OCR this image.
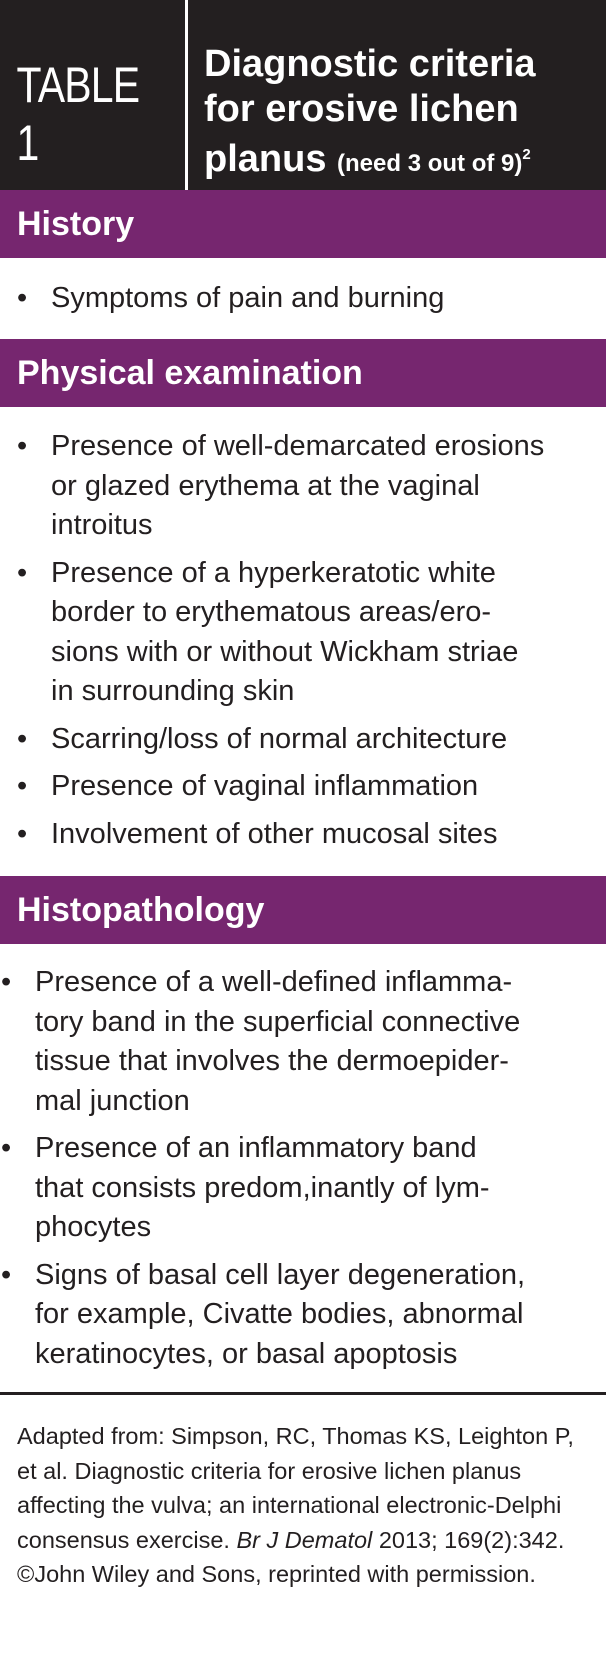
TABLE 1
Diagnostic criteria
for erosive lichen
planus (need 3 out of 9)$^2$
History
• Symptoms of pain and burning
Physical examination
• Presence of well-demarcated erosions
or glazed erythema at the vaginal
introitus
• Presence of a hyperkeratotic white
border to erythematous areas/ero-
sions with or without Wickham striae
in surrounding skin
• Scarring/loss of normal architecture
• Presence of vaginal inflammation
• Involvement of other mucosal sites
Histopathology
• Presence of a well-defined inflamma-
tory band in the superficial connective
tissue that involves the dermoepider-
mal junction
• Presence of an inflammatory band
that consists predom,inantly of lym-
phocytes
• Signs of basal cell layer degeneration,
for example, Civatte bodies, abnormal
keratinocytes, or basal apoptosis
Adapted from: Simpson, RC, Thomas KS, Leighton P, et al. Diagnostic criteria for erosive lichen planus affecting the vulva; an international electronic-Delphi consensus exercise. Br J Dematol 2013; 169(2):342. ©John Wiley and Sons, reprinted with permission.
